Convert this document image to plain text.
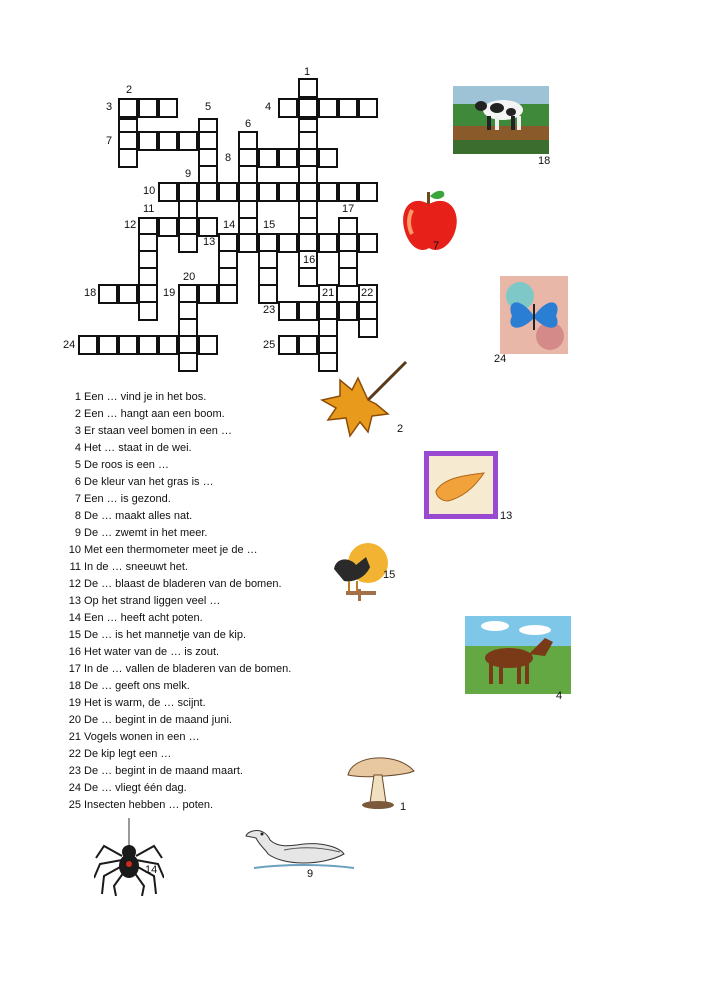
1
2
3	4
5
6
7
8
9
10
11
12
13
14	15
16
17
18	19
20
21 22
23
24	25
1 Een … vind je in het bos.
2 Een … hangt aan een boom.
3 Er staan veel bomen in een …
4 Het … staat in de wei.
5 De roos is een …
6 De kleur van het gras is …
7 Een … is gezond.
8 De … maakt alles nat.
9 De … zwemt in het meer.
10 Met een thermometer meet je de …
11 In de … sneeuwt het.
12 De … blaast de bladeren van de bomen.
13 Op het strand liggen veel …
14 Een … heeft acht poten.
15 De … is het mannetje van de kip.
16 Het water van de … is zout.
17 In de … vallen de bladeren van de bomen.
18 De … geeft ons melk.
19 Het is warm, de … scijnt.
20 De … begint in de maand juni.
21 Vogels wonen in een …
22 De kip legt een …
23 De … begint in de maand maart.
24 De … vliegt één dag.
25 Insecten hebben … poten.
18
7
24
2
13
15
4
1
14	9
